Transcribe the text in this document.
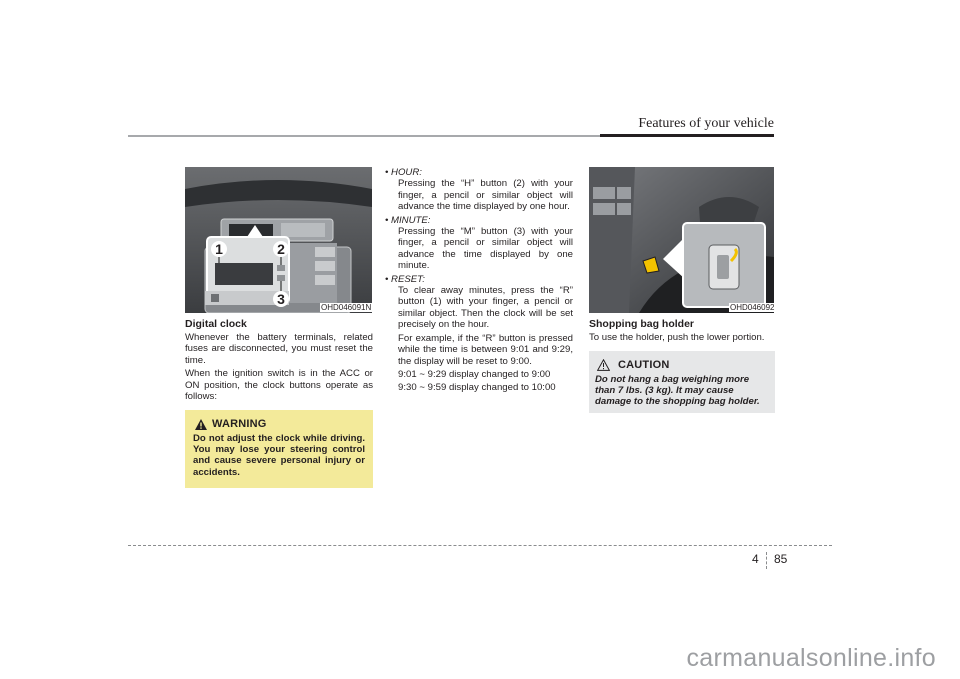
Features of your vehicle
1	2
3
OHD046091N
Digital clock

Whenever the battery terminals, related fuses are disconnected, you must reset the time.

When the ignition switch is in the ACC or ON position, the clock buttons operate as follows:

WARNING
Do not adjust the clock while driving. You may lose your steering control and cause severe personal injury or accidents.
• HOUR:

Pressing the “H” button (2) with your finger, a pencil or similar object will advance the time displayed by one hour.

• MINUTE:

Pressing the “M” button (3) with your finger, a pencil or similar object will advance the time displayed by one minute.

• RESET:

To clear away minutes, press the “R” button (1) with your finger, a pencil or similar object. Then the clock will be set precisely on the hour.

For example, if the “R” button is pressed while the time is between 9:01 and 9:29, the display will be reset to 9:00.

9:01 ~ 9:29 display changed to 9:00

9:30 ~ 9:59 display changed to 10:00

OHD046092
Shopping bag holder

To use the holder, push the lower portion.

CAUTION
Do not hang a bag weighing more than 7 lbs. (3 kg). It may cause damage to the shopping bag holder.
4 85
carmanualsonline.info
